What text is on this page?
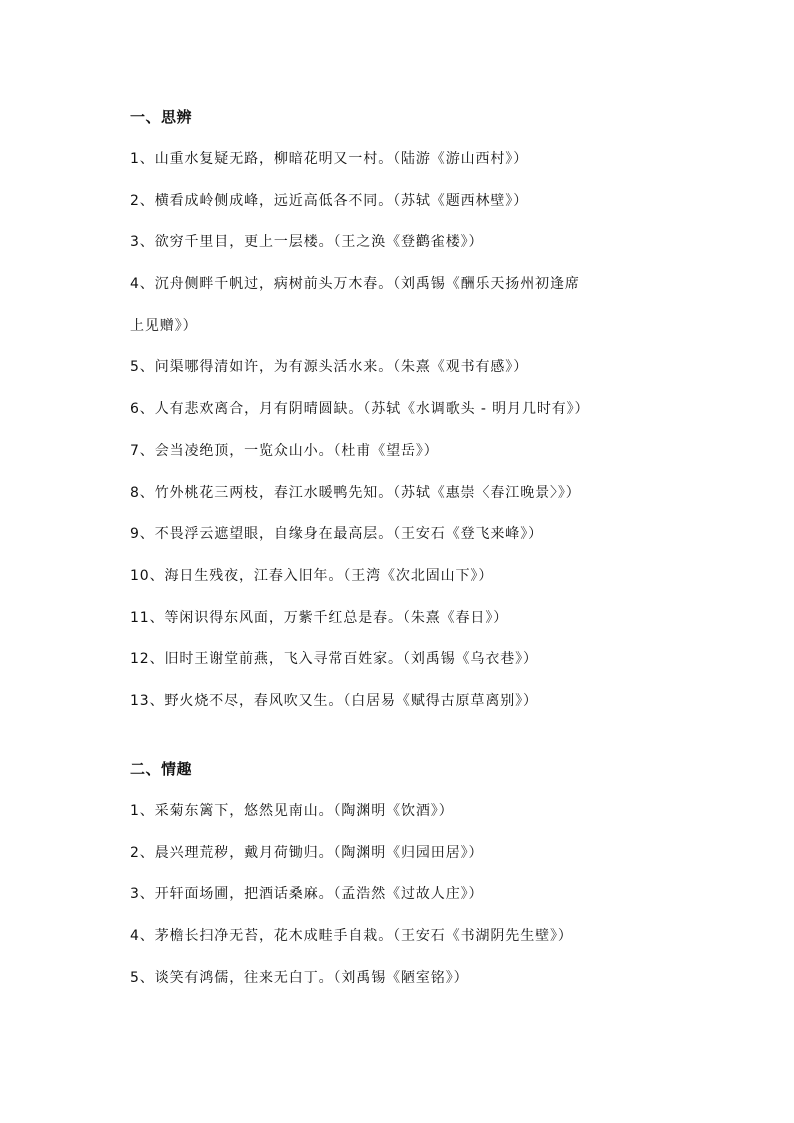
一、思辨
1、山重水复疑无路，柳暗花明又一村。（陆游《游山西村》）
2、横看成岭侧成峰，远近高低各不同。（苏轼《题西林壁》）
3、欲穷千里目，更上一层楼。（王之涣《登鹳雀楼》）
4、沉舟侧畔千帆过，病树前头万木春。（刘禹锡《酬乐天扬州初逢席
上见赠》）
5、问渠哪得清如许，为有源头活水来。（朱熹《观书有感》）
6、人有悲欢离合，月有阴晴圆缺。（苏轼《水调歌头 - 明月几时有》）
7、会当凌绝顶，一览众山小。（杜甫《望岳》）
8、竹外桃花三两枝，春江水暖鸭先知。（苏轼《惠崇〈春江晚景〉》）
9、不畏浮云遮望眼，自缘身在最高层。（王安石《登飞来峰》）
10、海日生残夜，江春入旧年。（王湾《次北固山下》）
11、等闲识得东风面，万紫千红总是春。（朱熹《春日》）
12、旧时王谢堂前燕，飞入寻常百姓家。（刘禹锡《乌衣巷》）
13、野火烧不尽，春风吹又生。（白居易《赋得古原草离别》）
二、情趣
1、采菊东篱下，悠然见南山。（陶渊明《饮酒》）
2、晨兴理荒秽，戴月荷锄归。（陶渊明《归园田居》）
3、开轩面场圃，把酒话桑麻。（孟浩然《过故人庄》）
4、茅檐长扫净无苔，花木成畦手自栽。（王安石《书湖阴先生壁》）
5、谈笑有鸿儒，往来无白丁。（刘禹锡《陋室铭》）
